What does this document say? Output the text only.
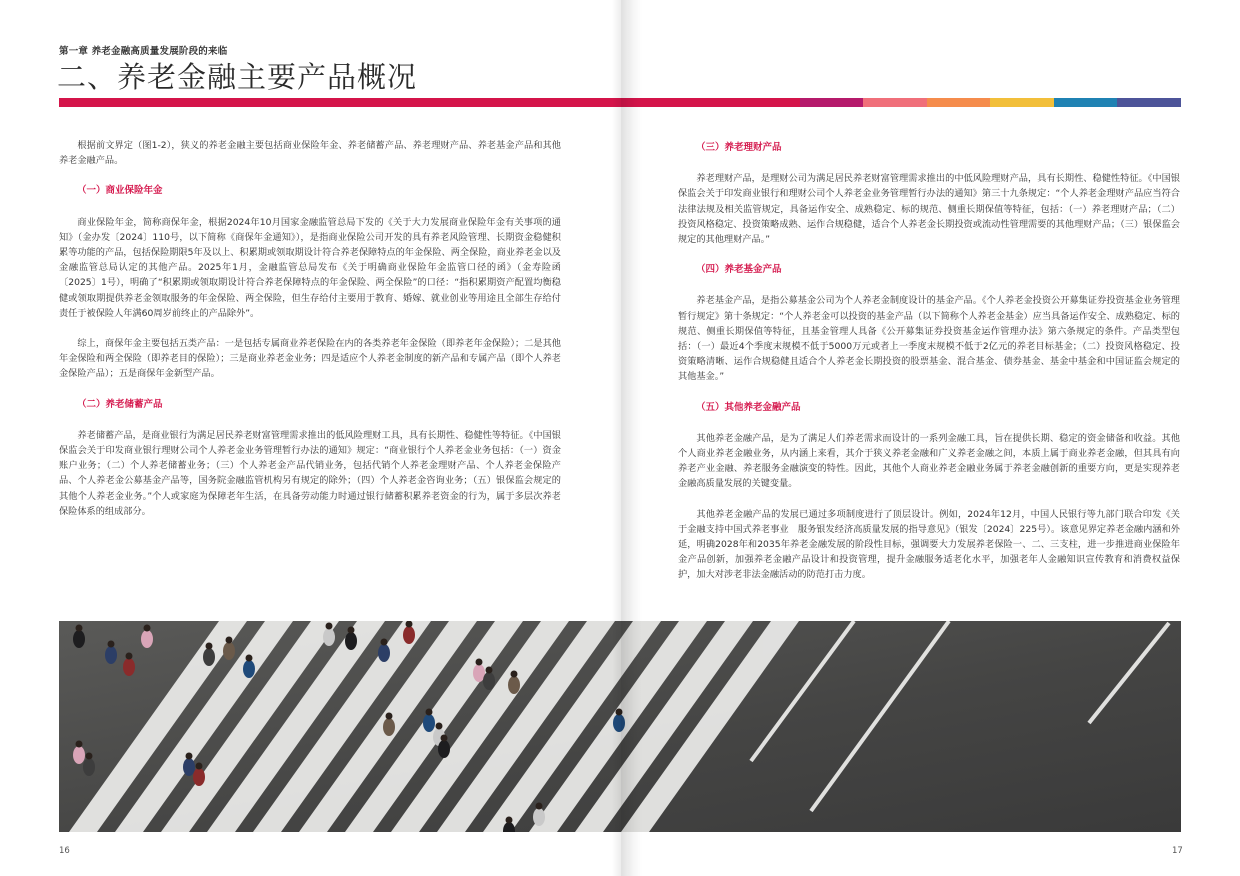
第一章 养老金融高质量发展阶段的来临
二、养老金融主要产品概况

根据前文界定（图1-2），狭义的养老金融主要包括商业保险年金、养老储蓄产品、养老理财产品、养老基金产品和其他养老金融产品。

（一）商业保险年金

商业保险年金，简称商保年金，根据2024年10月国家金融监管总局下发的《关于大力发展商业保险年金有关事项的通知》（金办发〔2024〕110号，以下简称《商保年金通知》），是指商业保险公司开发的具有养老风险管理、长期资金稳健积累等功能的产品，包括保险期限5年及以上、积累期或领取期设计符合养老保障特点的年金保险、两全保险，商业养老金以及金融监管总局认定的其他产品。2025年1月，金融监管总局发布《关于明确商业保险年金监管口径的函》（金寿险函〔2025〕1号），明确了“积累期或领取期设计符合养老保障特点的年金保险、两全保险”的口径：“指积累期资产配置均衡稳健或领取期提供养老金领取服务的年金保险、两全保险，但生存给付主要用于教育、婚嫁、就业创业等用途且全部生存给付责任于被保险人年满60周岁前终止的产品除外”。

综上，商保年金主要包括五类产品：一是包括专属商业养老保险在内的各类养老年金保险（即养老年金保险）；二是其他年金保险和两全保险（即养老目的保险）；三是商业养老金业务；四是适应个人养老金制度的新产品和专属产品（即个人养老金保险产品）；五是商保年金新型产品。

（二）养老储蓄产品

养老储蓄产品，是商业银行为满足居民养老财富管理需求推出的低风险理财工具，具有长期性、稳健性等特征。《中国银保监会关于印发商业银行理财公司个人养老金业务管理暂行办法的通知》规定：“商业银行个人养老金业务包括：（一）资金账户业务；（二）个人养老储蓄业务；（三）个人养老金产品代销业务，包括代销个人养老金理财产品、个人养老金保险产品、个人养老金公募基金产品等，国务院金融监管机构另有规定的除外；（四）个人养老金咨询业务；（五）银保监会规定的其他个人养老金业务。”个人或家庭为保障老年生活，在具备劳动能力时通过银行储蓄积累养老资金的行为，属于多层次养老保险体系的组成部分。

（三）养老理财产品

养老理财产品，是理财公司为满足居民养老财富管理需求推出的中低风险理财产品，具有长期性、稳健性特征。《中国银保监会关于印发商业银行和理财公司个人养老金业务管理暂行办法的通知》第三十九条规定：“个人养老金理财产品应当符合法律法规及相关监管规定，具备运作安全、成熟稳定、标的规范、侧重长期保值等特征，包括：（一）养老理财产品；（二）投资风格稳定、投资策略成熟、运作合规稳健，适合个人养老金长期投资或流动性管理需要的其他理财产品；（三）银保监会规定的其他理财产品。”

（四）养老基金产品

养老基金产品，是指公募基金公司为个人养老金制度设计的基金产品。《个人养老金投资公开募集证券投资基金业务管理暂行规定》第十条规定：“个人养老金可以投资的基金产品（以下简称个人养老金基金）应当具备运作安全、成熟稳定、标的规范、侧重长期保值等特征，且基金管理人具备《公开募集证券投资基金运作管理办法》第六条规定的条件。产品类型包括：（一）最近4个季度末规模不低于5000万元或者上一季度末规模不低于2亿元的养老目标基金；（二）投资风格稳定、投资策略清晰、运作合规稳健且适合个人养老金长期投资的股票基金、混合基金、债券基金、基金中基金和中国证监会规定的其他基金。”

（五）其他养老金融产品

其他养老金融产品，是为了满足人们养老需求而设计的一系列金融工具，旨在提供长期、稳定的资金储备和收益。其他个人商业养老金融业务，从内涵上来看，其介于狭义养老金融和广义养老金融之间，本质上属于商业养老金融，但其具有向养老产业金融、养老服务金融演变的特性。因此，其他个人商业养老金融业务属于养老金融创新的重要方向，更是实现养老金融高质量发展的关键变量。

其他养老金融产品的发展已通过多项制度进行了顶层设计。例如，2024年12月，中国人民银行等九部门联合印发《关于金融支持中国式养老事业　服务银发经济高质量发展的指导意见》（银发〔2024〕225号）。该意见界定养老金融内涵和外延，明确2028年和2035年养老金融发展的阶段性目标，强调要大力发展养老保险一、二、三支柱，进一步推进商业保险年金产品创新，加强养老金融产品设计和投资管理，提升金融服务适老化水平，加强老年人金融知识宣传教育和消费权益保护，加大对涉老非法金融活动的防范打击力度。

16	17
